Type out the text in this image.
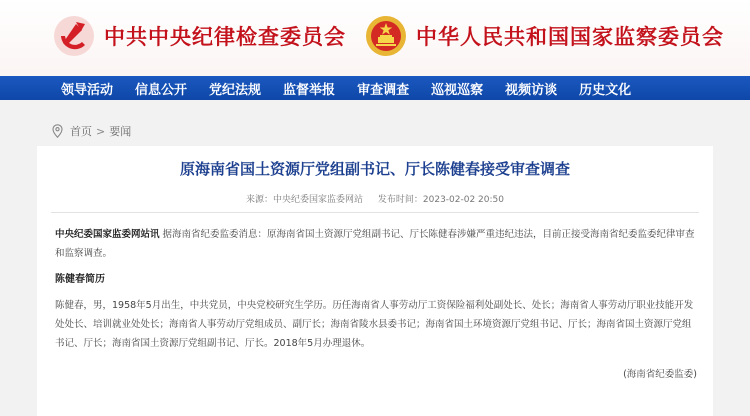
中共中央纪律检查委员会	中华人民共和国国家监察委员会
领导活动 信息公开 党纪法规 监督举报 审查调查 巡视巡察 视频访谈 历史文化
首页 > 要闻
原海南省国土资源厅党组副书记、厅长陈健春接受审查调查
来源：中央纪委国家监委网站 发布时间：2023-02-02 20:50

中央纪委国家监委网站讯 据海南省纪委监委消息：原海南省国土资源厅党组副书记、厅长陈健春涉嫌严重违纪违法，目前正接受海南省纪委监委纪律审查和监察调查。

陈健春简历

陈健春，男，1958年5月出生，中共党员，中央党校研究生学历。历任海南省人事劳动厅工资保险福利处副处长、处长；海南省人事劳动厅职业技能开发处处长、培训就业处处长；海南省人事劳动厅党组成员、副厅长；海南省陵水县委书记；海南省国土环境资源厅党组书记、厅长；海南省国土资源厅党组书记、厅长；海南省国土资源厅党组副书记、厅长。2018年5月办理退休。

(海南省纪委监委)
